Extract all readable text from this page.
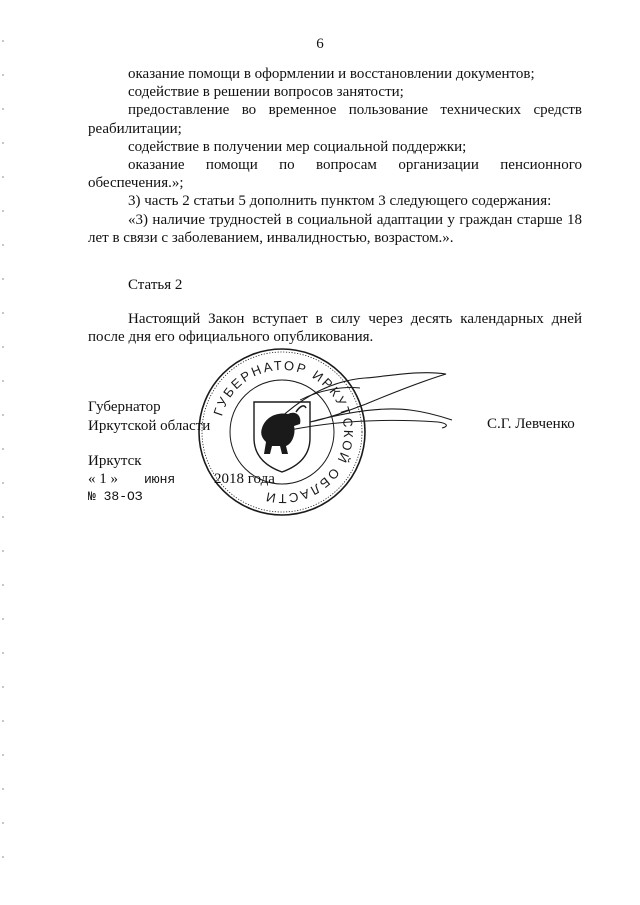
6

оказание помощи в оформлении и восстановлении документов;

содействие в решении вопросов занятости;

предоставление во временное пользование технических средств реабилитации;

содействие в получении мер социальной поддержки;

оказание помощи по вопросам организации пенсионного обеспечения.»;

3) часть 2 статьи 5 дополнить пунктом 3 следующего содержания:

«3) наличие трудностей в социальной адаптации у граждан старше 18 лет в связи с заболеванием, инвалидностью, возрастом.».

Статья 2

Настоящий Закон вступает в силу через десять календарных дней после дня его официального опубликования.

ГУБЕРНАТОР ИРКУТСКОЙ ОБЛАСТИ
Губернатор
Иркутской области	С.Г. Левченко
Иркутск
« 1 » июня	2018 года
№ 38-ОЗ
